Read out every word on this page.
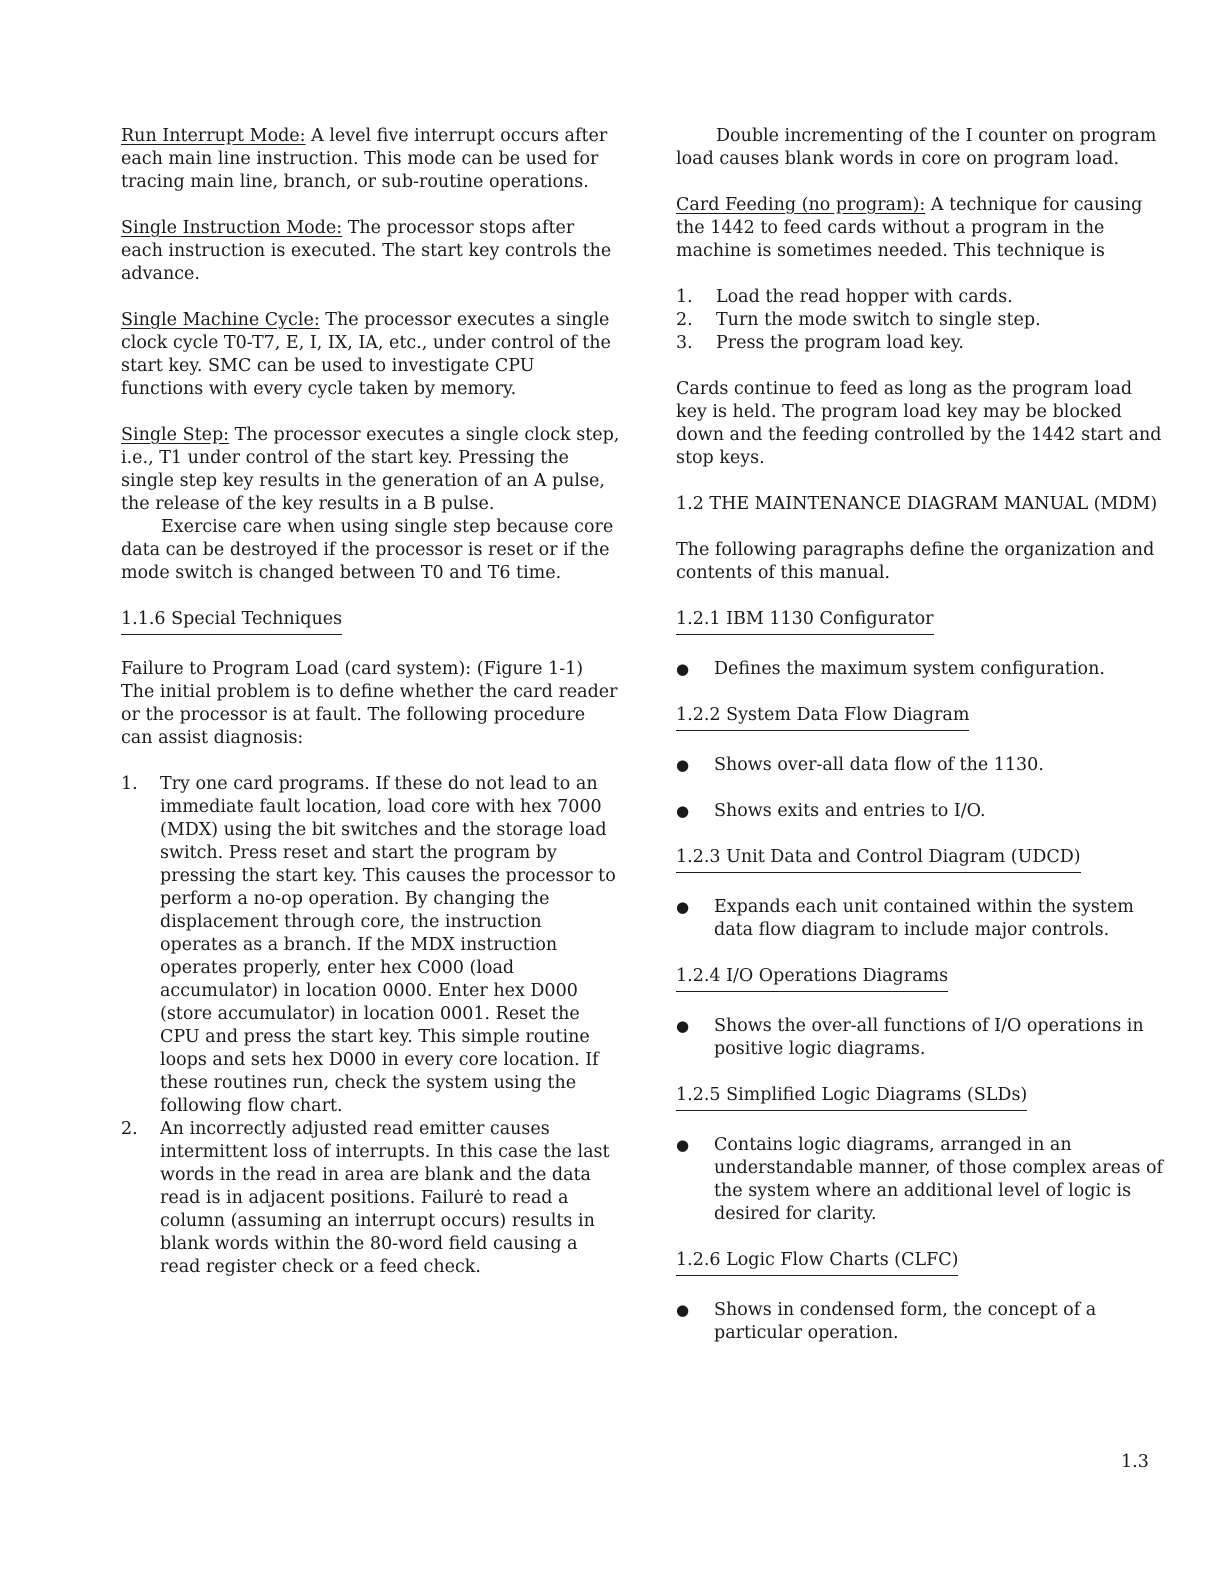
Run Interrupt Mode: A level five interrupt occurs after each main line instruction. This mode can be used for tracing main line, branch, or sub-routine operations.

Single Instruction Mode: The processor stops after each instruction is executed. The start key controls the advance.

Single Machine Cycle: The processor executes a single clock cycle T0-T7, E, I, IX, IA, etc., under control of the start key. SMC can be used to investigate CPU functions with every cycle taken by memory.

Single Step: The processor executes a single clock step, i.e., T1 under control of the start key. Pressing the single step key results in the generation of an A pulse, the release of the key results in a B pulse.

Exercise care when using single step because core data can be destroyed if the processor is reset or if the mode switch is changed between T0 and T6 time.

1.1.6 Special Techniques

Failure to Program Load (card system): (Figure 1-1) The initial problem is to define whether the card reader or the processor is at fault. The following procedure can assist diagnosis:

1.	Try one card programs. If these do not lead to an immediate fault location, load core with hex 7000 (MDX) using the bit switches and the storage load switch. Press reset and start the program by pressing the start key. This causes the processor to perform a no-op operation. By changing the displacement through core, the instruction operates as a branch. If the MDX instruction operates properly, enter hex C000 (load accumulator) in location 0000. Enter hex D000 (store accumulator) in location 0001. Reset the CPU and press the start key. This simple routine loops and sets hex D000 in every core location. If these routines run, check the system using the following flow chart.
2.	An incorrectly adjusted read emitter causes intermittent loss of interrupts. In this case the last words in the read in area are blank and the data read is in adjacent positions. Failurė to read a column (assuming an interrupt occurs) results in blank words within the 80-word field causing a read register check or a feed check.

Double incrementing of the I counter on program load causes blank words in core on program load.

Card Feeding (no program): A technique for causing the 1442 to feed cards without a program in the machine is sometimes needed. This technique is

1.	Load the read hopper with cards.
2.	Turn the mode switch to single step.
3.	Press the program load key.

Cards continue to feed as long as the program load key is held. The program load key may be blocked down and the feeding controlled by the 1442 start and stop keys.

1.2 THE MAINTENANCE DIAGRAM MANUAL (MDM)

The following paragraphs define the organization and contents of this manual.

1.2.1 IBM 1130 Configurator
●	Defines the maximum system configuration.
1.2.2 System Data Flow Diagram
●	Shows over-all data flow of the 1130.
●	Shows exits and entries to I/O.
1.2.3 Unit Data and Control Diagram (UDCD)
●	Expands each unit contained within the system data flow diagram to include major controls.
1.2.4 I/O Operations Diagrams
●	Shows the over-all functions of I/O operations in positive logic diagrams.
1.2.5 Simplified Logic Diagrams (SLDs)
●	Contains logic diagrams, arranged in an understandable manner, of those complex areas of the system where an additional level of logic is desired for clarity.
1.2.6 Logic Flow Charts (CLFC)
●	Shows in condensed form, the concept of a particular operation.
1.3
